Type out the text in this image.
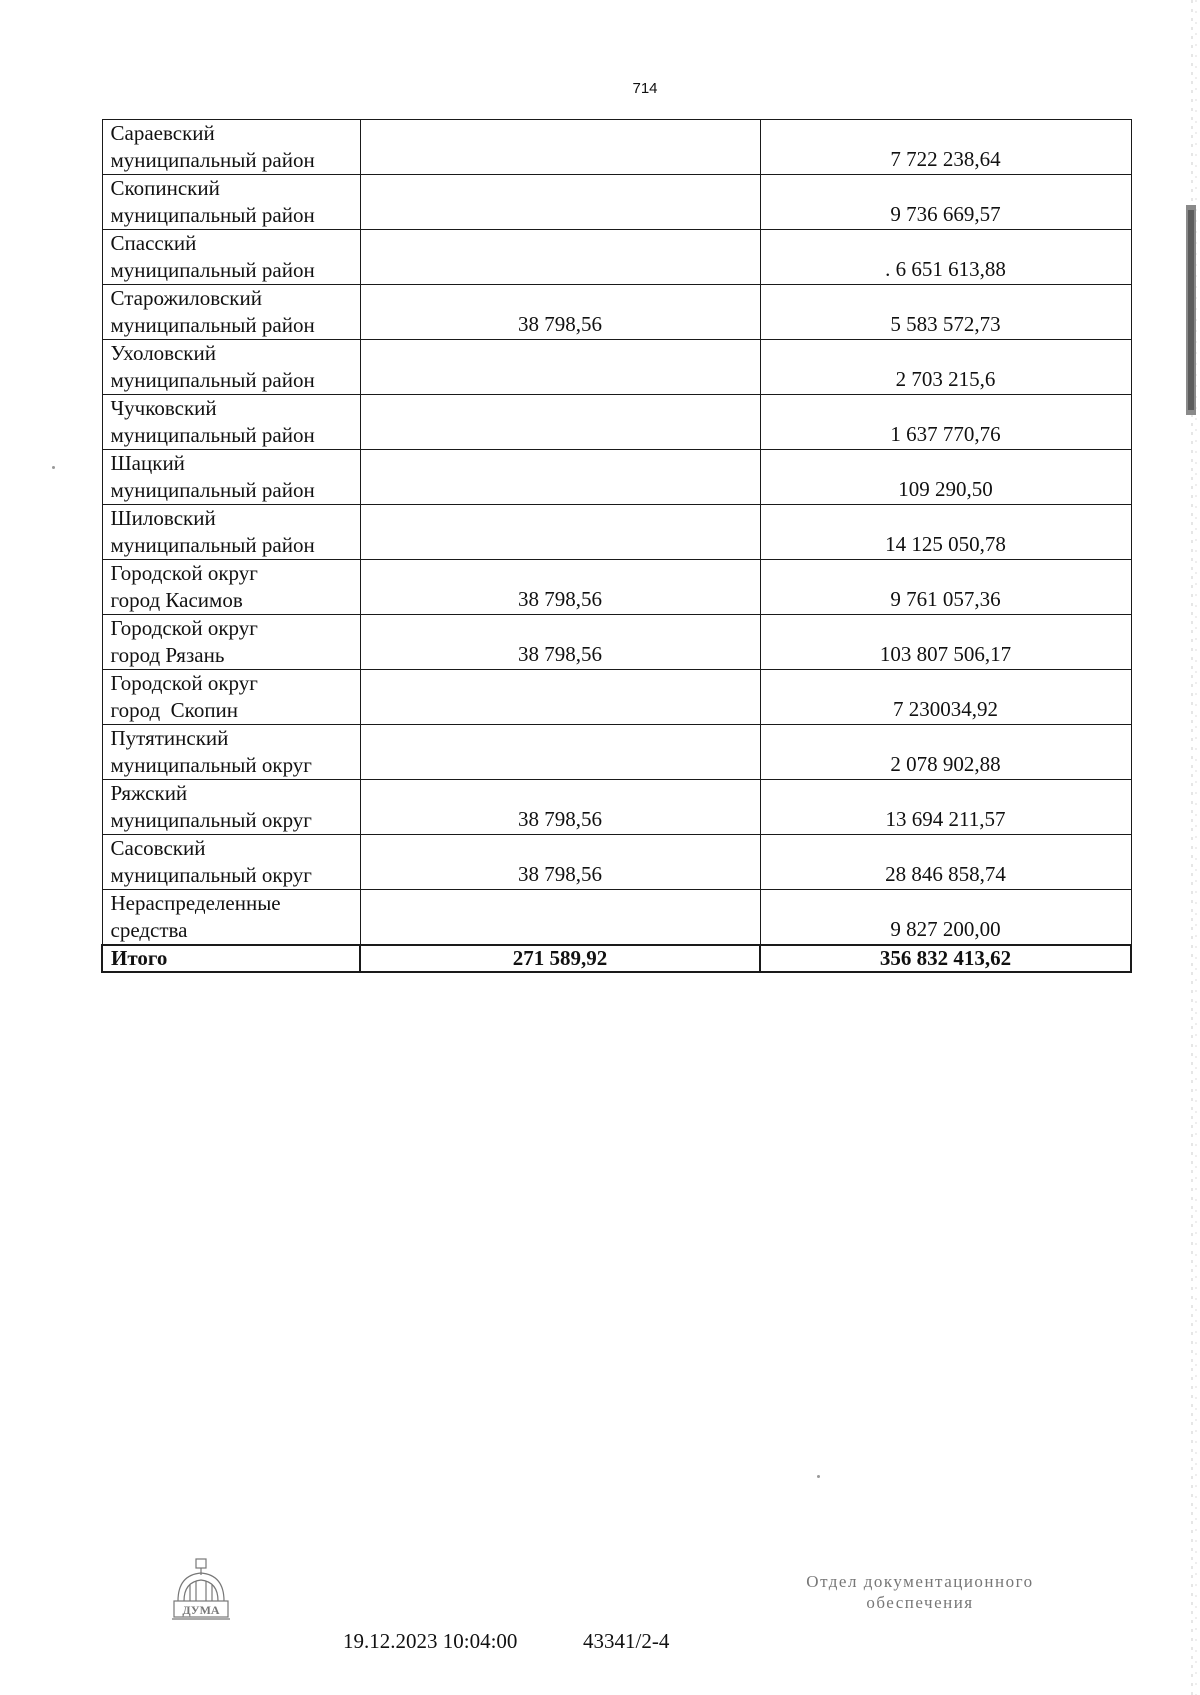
714
Сараевский
муниципальный район		7 722 238,64

Скопинский
муниципальный район		9 736 669,57

Спасский
муниципальный район		. 6 651 613,88

Старожиловский
муниципальный район	38 798,56	5 583 572,73

Ухоловский
муниципальный район		2 703 215,6

Чучковский
муниципальный район		1 637 770,76

Шацкий
муниципальный район		109 290,50

Шиловский
муниципальный район		14 125 050,78

Городской округ
город Касимов	38 798,56	9 761 057,36

Городской округ
город Рязань	38 798,56	103 807 506,17

Городской округ
город  Скопин		7 230034,92

Путятинский
муниципальный округ		2 078 902,88

Ряжский
муниципальный округ	38 798,56	13 694 211,57

Сасовский
муниципальный округ	38 798,56	28 846 858,74

Нераспределенные
средства		9 827 200,00
Итого	271 589,92	356 832 413,62
ДУМА
19.12.2023 10:04:00	43341/2-4
Отдел документационного
обеспечения
